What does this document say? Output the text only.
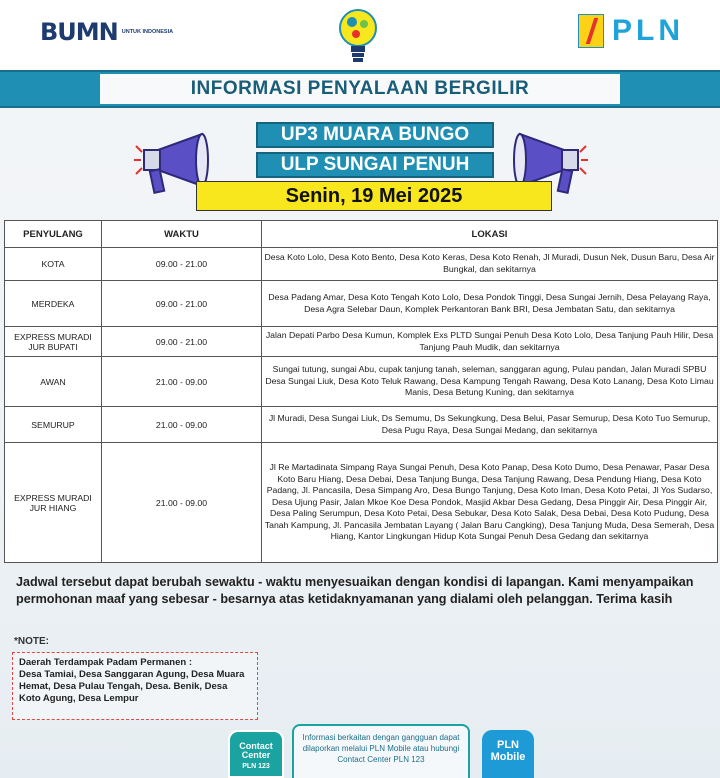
BUMN UNTUK INDONESIA	PLN
INFORMASI PENYALAAN BERGILIR
UP3 MUARA BUNGO
ULP SUNGAI PENUH
Senin, 19 Mei 2025
PENYULANG	WAKTU	LOKASI
KOTA	09.00 - 21.00	Desa Koto Lolo, Desa Koto Bento, Desa Koto Keras, Desa Koto Renah, Jl Muradi, Dusun Nek, Dusun Baru, Desa Air Bungkal, dan sekitarnya
MERDEKA	09.00 - 21.00	Desa Padang Amar, Desa Koto Tengah Koto Lolo, Desa Pondok Tinggi, Desa Sungai Jernih, Desa Pelayang Raya, Desa Agra Selebar Daun, Komplek Perkantoran Bank BRI, Desa Jembatan Satu, dan sekitarnya
EXPRESS MURADI JUR BUPATI	09.00 - 21.00	Jalan Depati Parbo Desa Kumun, Komplek Exs PLTD Sungai Penuh Desa Koto Lolo, Desa Tanjung Pauh Hilir, Desa Tanjung Pauh Mudik, dan sekitarnya
AWAN	21.00 - 09.00	Sungai tutung, sungai Abu, cupak tanjung tanah, seleman, sanggaran agung, Pulau pandan, Jalan Muradi SPBU Desa Sungai Liuk, Desa Koto Teluk Rawang, Desa Kampung Tengah Rawang, Desa Koto Lanang, Desa Koto Limau Manis, Desa Betung Kuning, dan sekitarnya
SEMURUP	21.00 - 09.00	Jl Muradi, Desa Sungai Liuk, Ds Semumu, Ds Sekungkung, Desa Belui, Pasar Semurup, Desa Koto Tuo Semurup, Desa Pugu Raya, Desa Sungai Medang, dan sekitarnya
EXPRESS MURADI JUR HIANG	21.00 - 09.00	Jl Re Martadinata Simpang Raya Sungai Penuh, Desa Koto Panap, Desa Koto Dumo, Desa Penawar, Pasar Desa Koto Baru Hiang, Desa Debai, Desa Tanjung Bunga, Desa Tanjung Rawang, Desa Pendung Hiang, Desa Koto Padang, Jl. Pancasila, Desa Simpang Aro, Desa Bungo Tanjung, Desa Koto Iman, Desa Koto Petai, Jl Yos Sudarso, Desa Ujung Pasir, Jalan Mkoe Koe Desa Pondok, Masjid Akbar Desa Gedang, Desa Pinggir Air, Desa Pinggir Air, Desa Paling Serumpun, Desa Koto Petai, Desa Sebukar, Desa Koto Salak, Desa Debai, Desa Koto Pudung, Desa Tanah Kampung, Jl. Pancasila Jembatan Layang ( Jalan Baru Cangking), Desa Tanjung Muda, Desa Semerah, Desa Hiang, Kantor Lingkungan Hidup Kota Sungai Penuh Desa Gedang dan sekitarnya
Jadwal tersebut dapat berubah sewaktu - waktu menyesuaikan dengan kondisi di lapangan. Kami menyampaikan permohonan maaf yang sebesar - besarnya atas ketidaknyamanan yang dialami oleh pelanggan. Terima kasih
*NOTE:
Daerah Terdampak Padam Permanen :
Desa Tamiai, Desa Sanggaran Agung, Desa Muara Hemat, Desa Pulau Tengah, Desa. Benik, Desa Koto Agung, Desa Lempur
Contact Center
PLN 123
Informasi berkaitan dengan gangguan dapat dilaporkan melalui PLN Mobile atau hubungi Contact Center PLN 123
PLN Mobile
